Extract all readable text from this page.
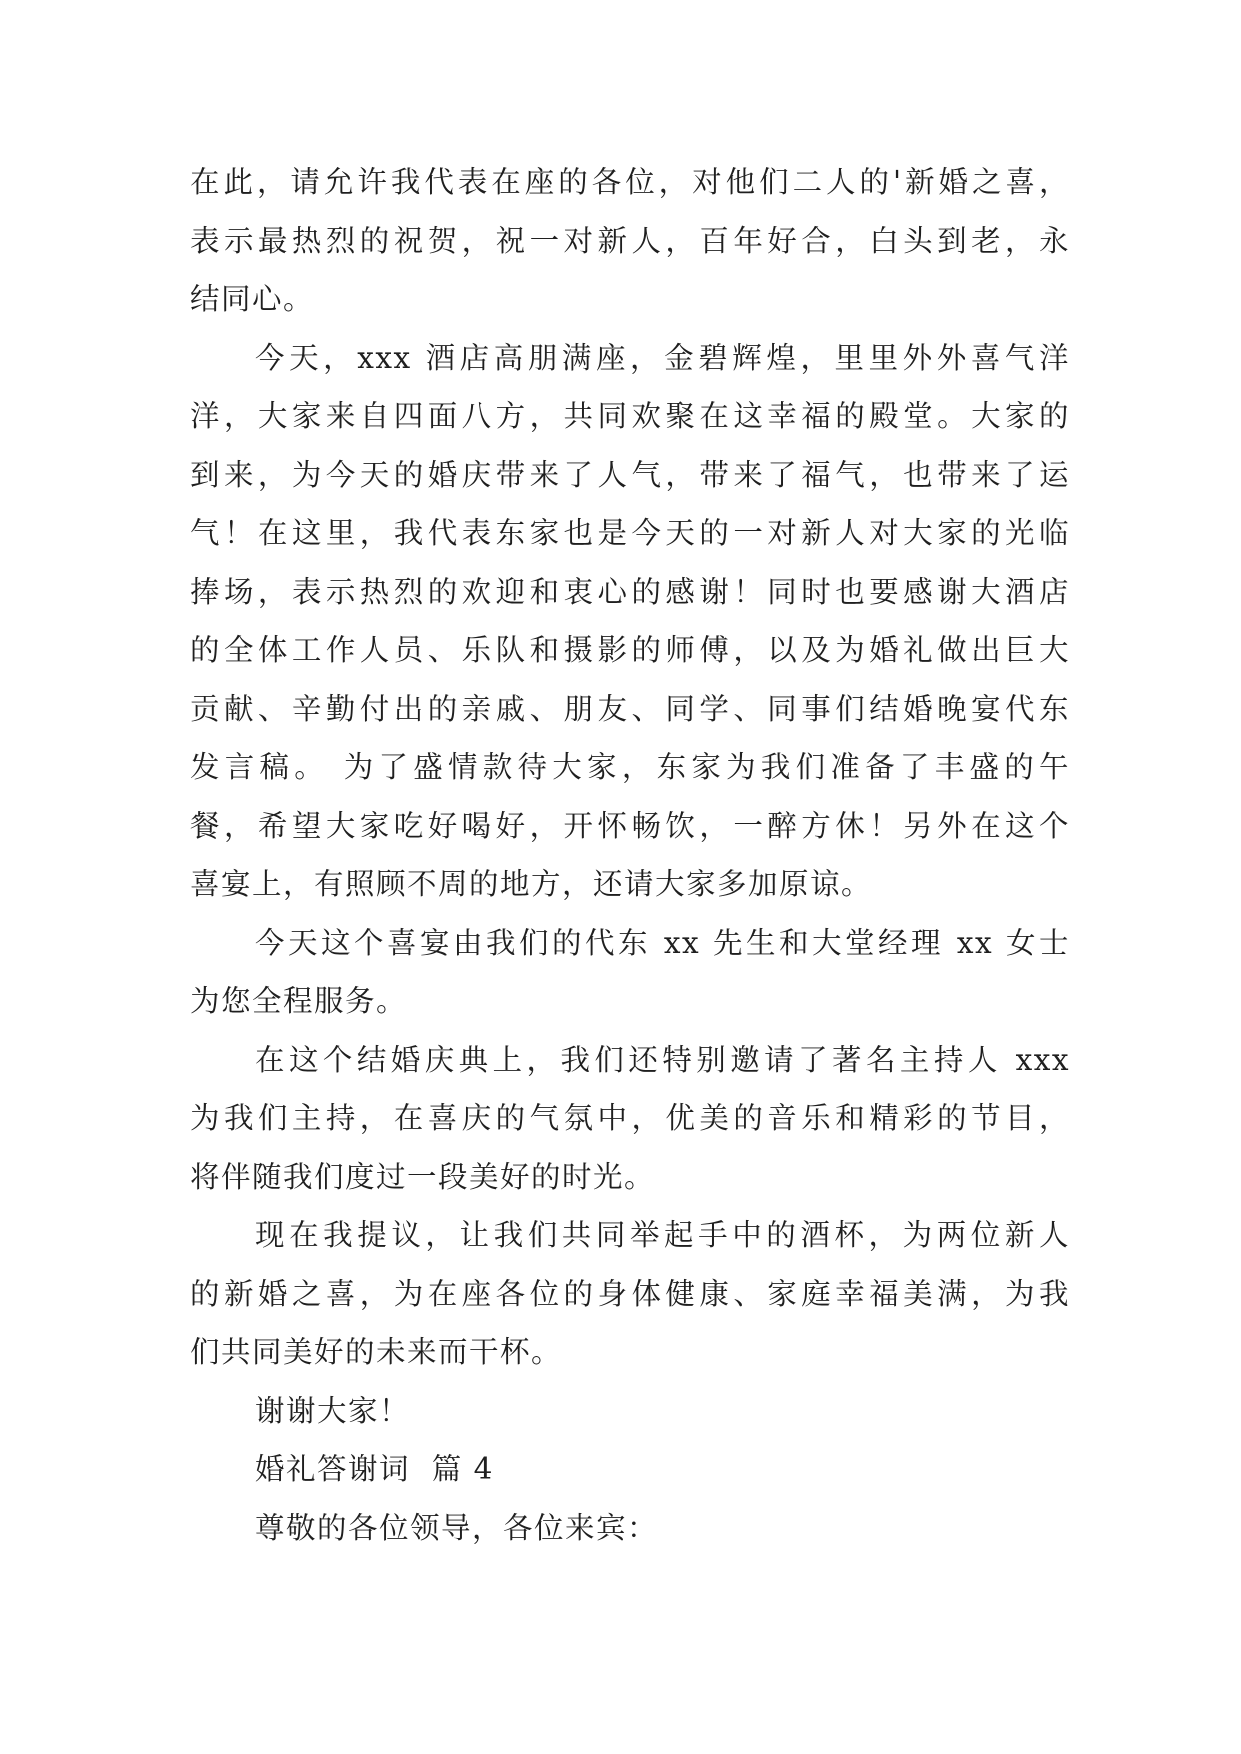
在此，请允许我代表在座的各位，对他们二人的'新婚之喜，
表示最热烈的祝贺，祝一对新人，百年好合，白头到老，永
结同心。
今天，xxx 酒店高朋满座，金碧辉煌，里里外外喜气洋
洋，大家来自四面八方，共同欢聚在这幸福的殿堂。大家的
到来，为今天的婚庆带来了人气，带来了福气，也带来了运
气！在这里，我代表东家也是今天的一对新人对大家的光临
捧场，表示热烈的欢迎和衷心的感谢！同时也要感谢大酒店
的全体工作人员、乐队和摄影的师傅，以及为婚礼做出巨大
贡献、辛勤付出的亲戚、朋友、同学、同事们结婚晚宴代东
发言稿。 为了盛情款待大家，东家为我们准备了丰盛的午
餐，希望大家吃好喝好，开怀畅饮，一醉方休！另外在这个
喜宴上，有照顾不周的地方，还请大家多加原谅。
今天这个喜宴由我们的代东 xx 先生和大堂经理 xx 女士
为您全程服务。
在这个结婚庆典上，我们还特别邀请了著名主持人 xxx
为我们主持，在喜庆的气氛中，优美的音乐和精彩的节目，
将伴随我们度过一段美好的时光。
现在我提议，让我们共同举起手中的酒杯，为两位新人
的新婚之喜，为在座各位的身体健康、家庭幸福美满，为我
们共同美好的未来而干杯。
谢谢大家！
婚礼答谢词  篇 4
尊敬的各位领导，各位来宾：
